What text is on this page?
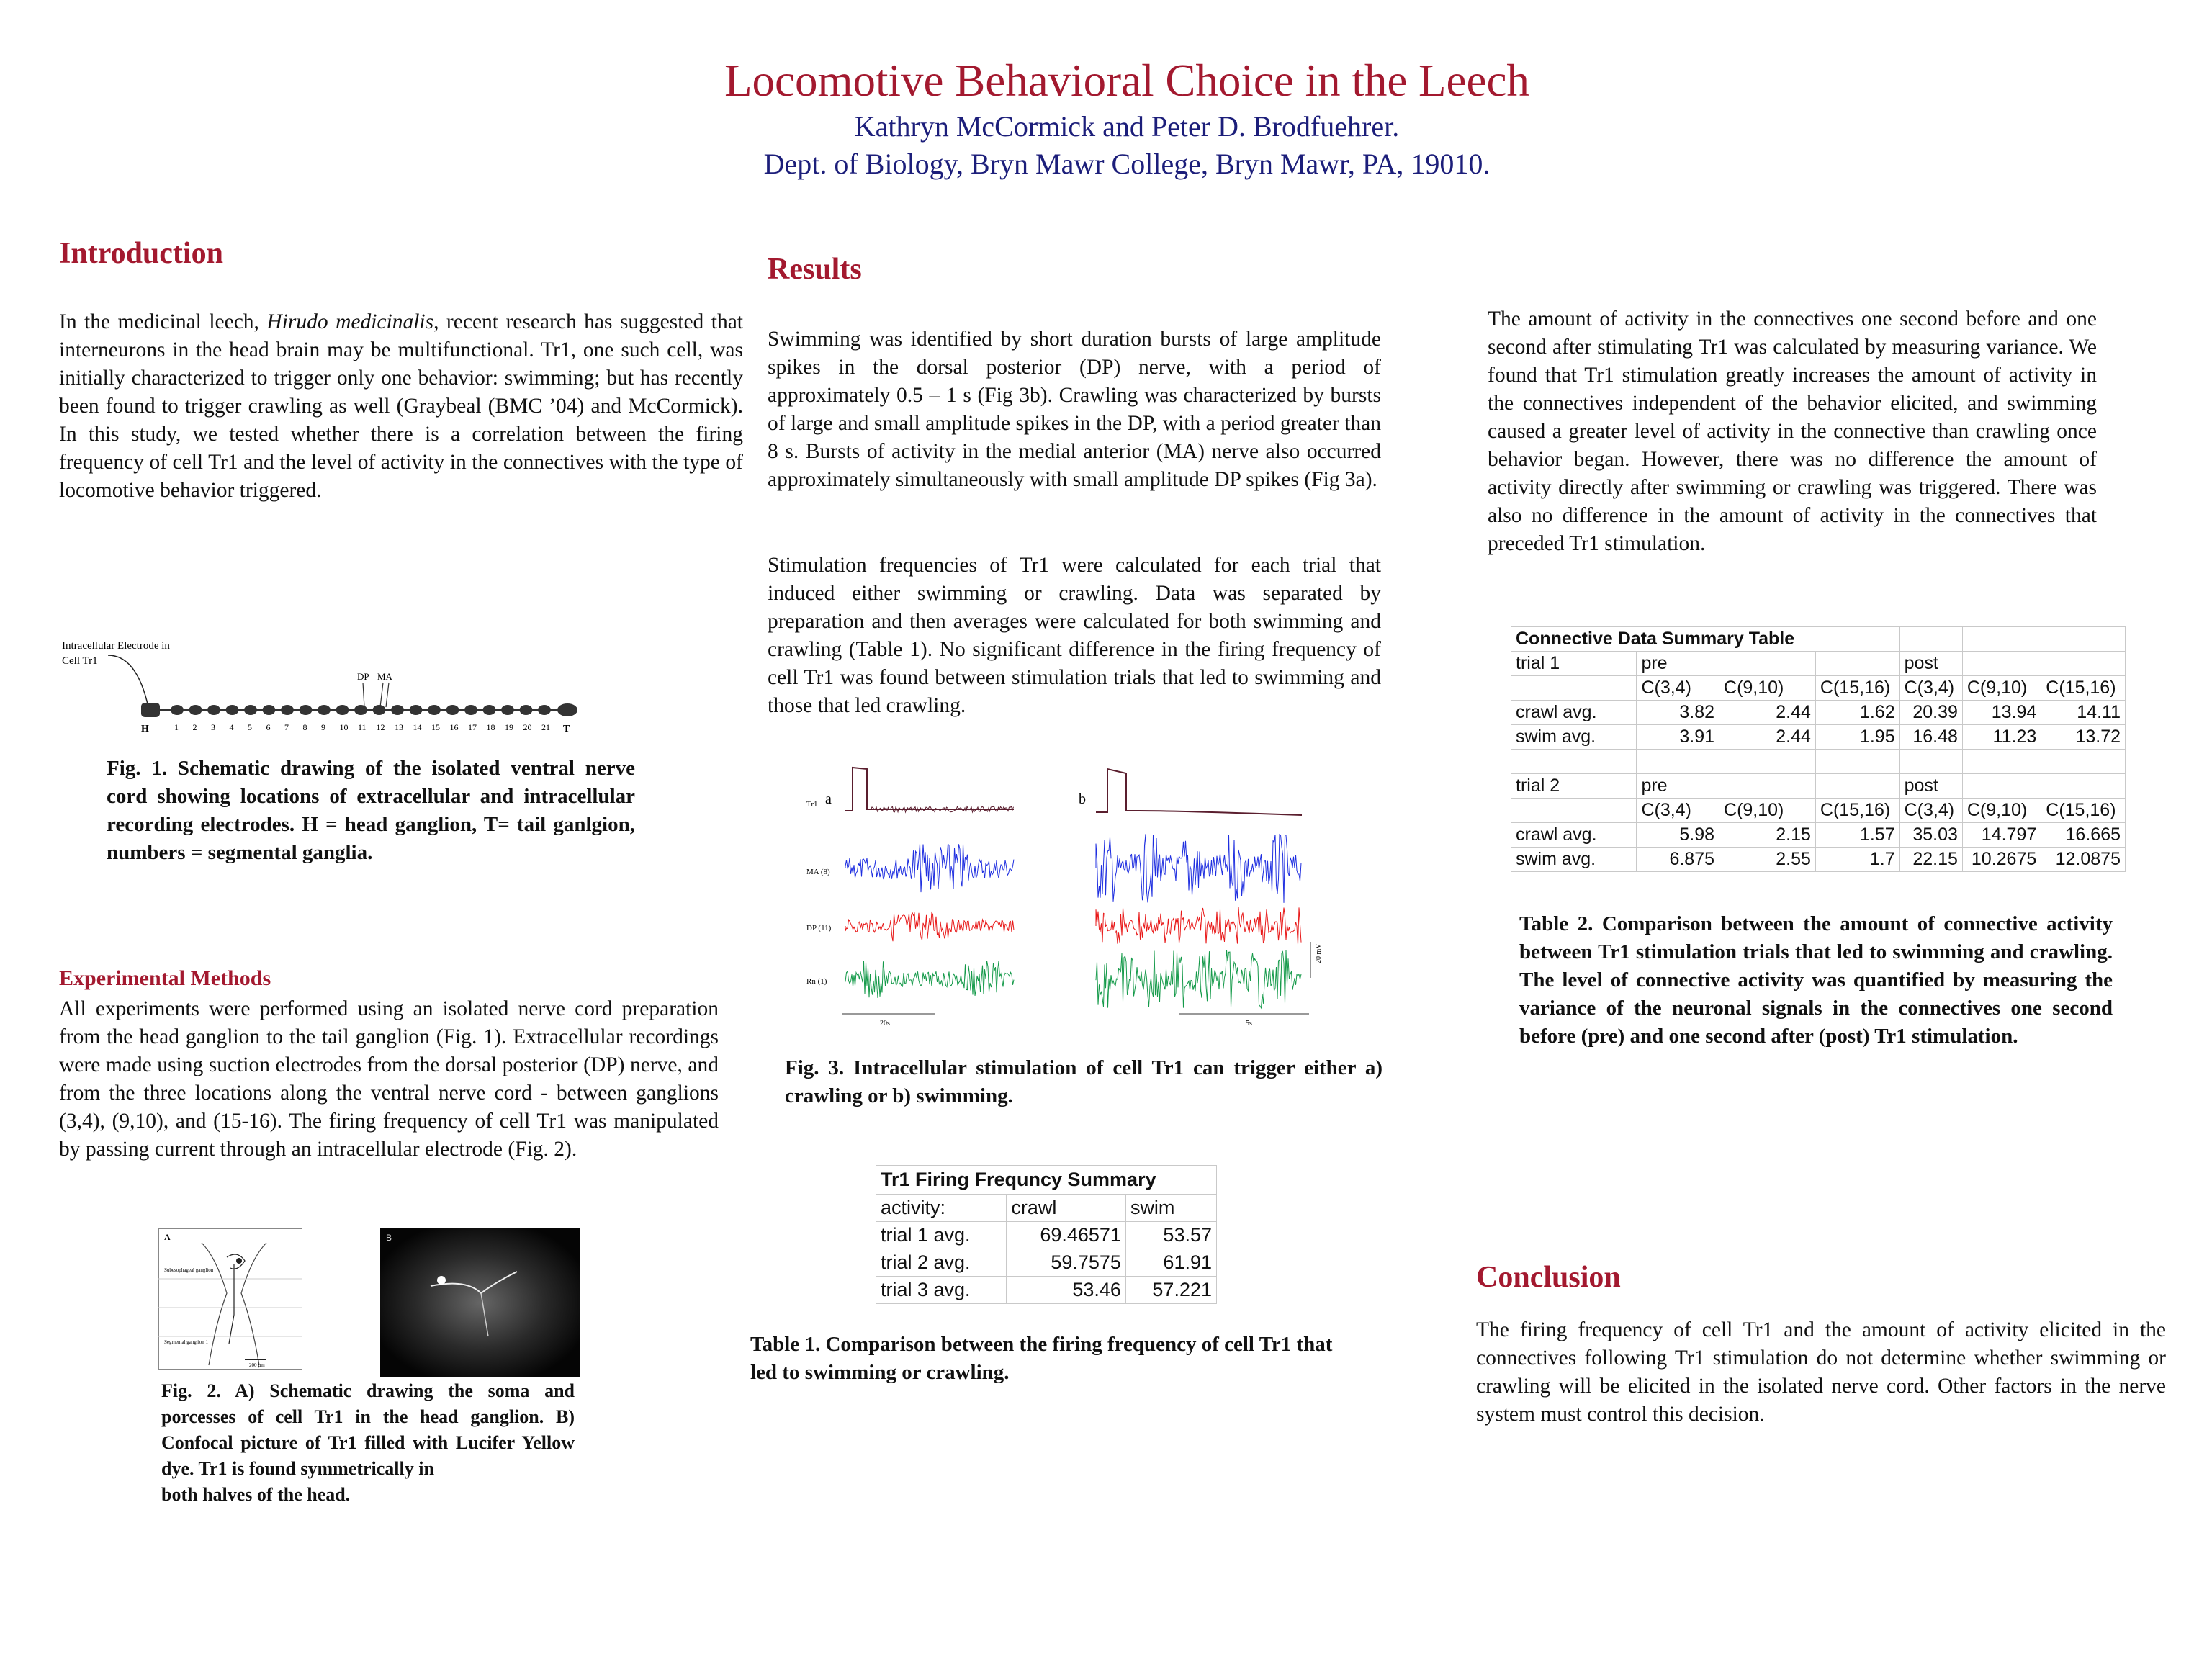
Locomotive Behavioral Choice in the Leech
Kathryn McCormick and Peter D. Brodfuehrer.
Dept. of Biology, Bryn Mawr College, Bryn Mawr, PA, 19010.
Introduction
In the medicinal leech, Hirudo medicinalis, recent research has suggested that interneurons in the head brain may be multifunctional. Tr1, one such cell, was initially characterized to trigger only one behavior: swimming; but has recently been found to trigger crawling as well (Graybeal (BMC ’04) and McCormick). In this study, we tested whether there is a correlation between the firing frequency of cell Tr1 and the level of activity in the connectives with the type of locomotive behavior triggered.
Intracellular Electrode in
Cell Tr1
DP MA
1 2 3 4 5 6 7 8 9 10 11 12 13 14 15 16 17 18 19 20 21
H	T
Fig. 1. Schematic drawing of the isolated ventral nerve cord showing locations of extracellular and intracellular recording electrodes. H = head ganglion, T= tail ganlgion, numbers = segmental ganglia.
Experimental Methods
All experiments were performed using an isolated nerve cord preparation from the head ganglion to the tail ganglion (Fig. 1). Extracellular recordings were made using suction electrodes from the dorsal posterior (DP) nerve, and from the three locations along the ventral nerve cord - between ganglions (3,4), (9,10), and (15-16). The firing frequency of cell Tr1 was manipulated by passing current through an intracellular electrode (Fig. 2).
A
Subesophageal ganglion
Segmental ganglion 1
200 µm
B
Fig. 2. A) Schematic drawing the soma and porcesses of cell Tr1 in the head ganglion. B) Confocal picture of Tr1 filled with Lucifer Yellow dye. Tr1 is found symmetrically in
both halves of the head.
Results
Swimming was identified by short duration bursts of large amplitude spikes in the dorsal posterior (DP) nerve, with a period of approximately 0.5 – 1 s (Fig 3b). Crawling was characterized by bursts of large and small amplitude spikes in the DP, with a period greater than 8 s. Bursts of activity in the medial anterior (MA) nerve also occurred approximately simultaneously with small amplitude DP spikes (Fig 3a).
Stimulation frequencies of Tr1 were calculated for each trial that induced either swimming or crawling. Data was separated by preparation and then averages were calculated for both swimming and crawling (Table 1). No significant difference in the firing frequency of cell Tr1 was found between stimulation trials that led to swimming and those that led crawling.
Tr1
MA (8)
DP (11)
Rn (1)
a	b
20s	5s
20 mV
Fig. 3. Intracellular stimulation of cell Tr1 can trigger either a) crawling or b) swimming.
Tr1 Firing Frequncy Summary		
activity:	crawl	swim
trial 1 avg.	69.46571	53.57
trial 2 avg.	59.7575	61.91
trial 3 avg.	53.46	57.221
Table 1. Comparison between the firing frequency of cell Tr1 that led to swimming or crawling.
The amount of activity in the connectives one second before and one second after stimulating Tr1 was calculated by measuring variance. We found that Tr1 stimulation greatly increases the amount of activity in the connectives independent of the behavior elicited, and swimming caused a greater level of activity in the connective than crawling once behavior began. However, there was no difference the amount of activity directly after swimming or crawling was triggered. There was also no difference in the amount of activity in the connectives that preceded Tr1 stimulation.
Connective Data Summary Table						
trial 1	pre			post		
	C(3,4)	C(9,10)	C(15,16)	C(3,4)	C(9,10)	C(15,16)
crawl avg.	3.82	2.44	1.62	20.39	13.94	14.11
swim avg.	3.91	2.44	1.95	16.48	11.23	13.72

trial 2	pre			post		
	C(3,4)	C(9,10)	C(15,16)	C(3,4)	C(9,10)	C(15,16)
crawl avg.	5.98	2.15	1.57	35.03	14.797	16.665
swim avg.	6.875	2.55	1.7	22.15	10.2675	12.0875
Table 2. Comparison between the amount of connective activity between Tr1 stimulation trials that led to swimming and crawling. The level of connective activity was quantified by measuring the variance of the neuronal signals in the connectives one second before (pre) and one second after (post) Tr1 stimulation.
Conclusion
The firing frequency of cell Tr1 and the amount of activity elicited in the connectives following Tr1 stimulation do not determine whether swimming or crawling will be elicited in the isolated nerve cord. Other factors in the nerve system must control this decision.
